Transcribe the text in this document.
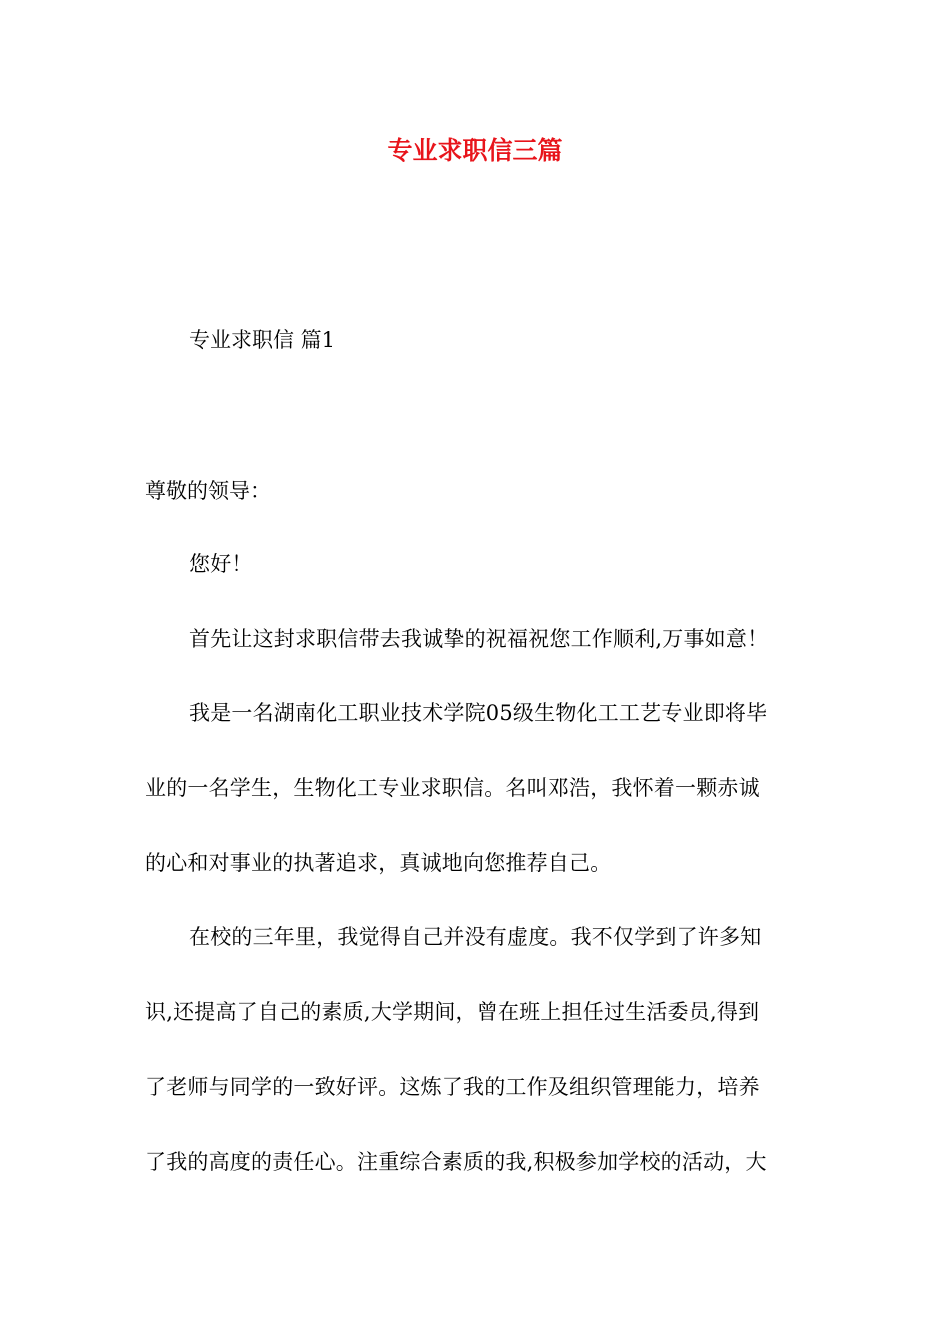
专业求职信三篇
专业求职信 篇1
尊敬的领导：
您好！
首先让这封求职信带去我诚挚的祝福祝您工作顺利,万事如意！
我是一名湖南化工职业技术学院05级生物化工工艺专业即将毕
业的一名学生，生物化工专业求职信。名叫邓浩，我怀着一颗赤诚
的心和对事业的执著追求，真诚地向您推荐自己。
在校的三年里，我觉得自己并没有虚度。我不仅学到了许多知
识,还提高了自己的素质,大学期间，曾在班上担任过生活委员,得到
了老师与同学的一致好评。这炼了我的工作及组织管理能力，培养
了我的高度的责任心。注重综合素质的我,积极参加学校的活动，大
